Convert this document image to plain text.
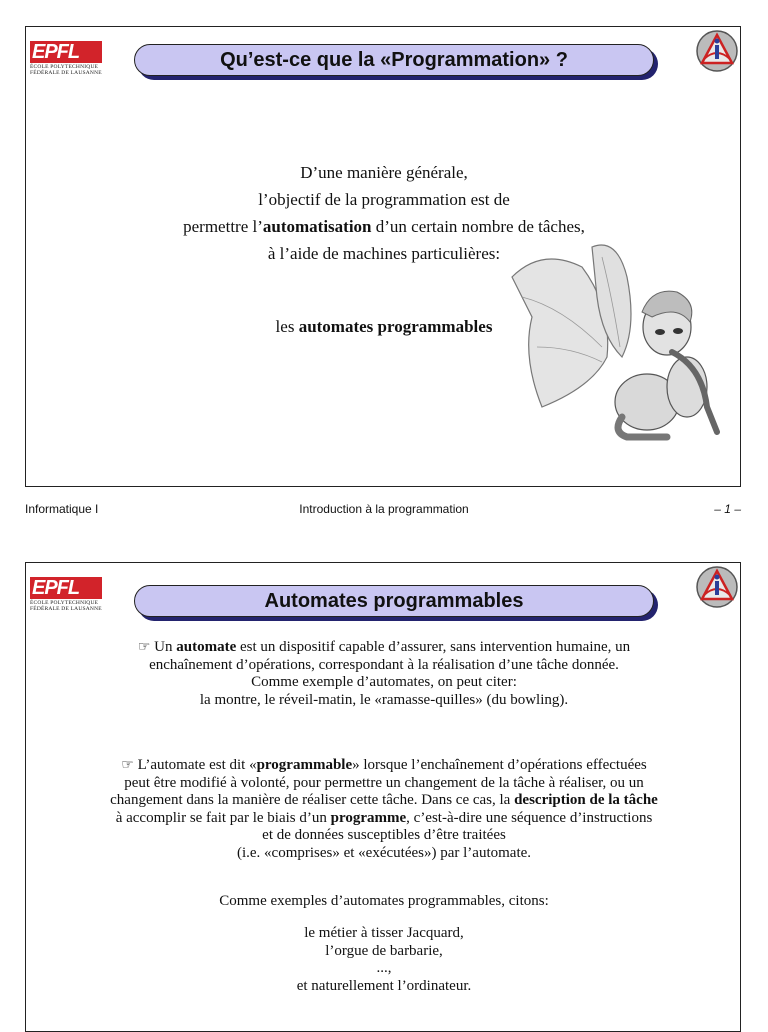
EPFL
ÉCOLE POLYTECHNIQUE
FÉDÉRALE DE LAUSANNE
Qu’est-ce que la «Programmation» ?
D’une manière générale,
l’objectif de la programmation est de
permettre l’automatisation d’un certain nombre de tâches,
à l’aide de machines particulières:
les automates programmables
Informatique I	Introduction à la programmation	– 1 –
EPFL
ÉCOLE POLYTECHNIQUE
FÉDÉRALE DE LAUSANNE	Automates programmables
☞ Un automate est un dispositif capable d’assurer, sans intervention humaine, un
enchaînement d’opérations, correspondant à la réalisation d’une tâche donnée.
Comme exemple d’automates, on peut citer:
la montre, le réveil-matin, le «ramasse-quilles» (du bowling).
☞ L’automate est dit «programmable» lorsque l’enchaînement d’opérations effectuées
peut être modifié à volonté, pour permettre un changement de la tâche à réaliser, ou un
changement dans la manière de réaliser cette tâche. Dans ce cas, la description de la tâche
à accomplir se fait par le biais d’un programme, c’est-à-dire une séquence d’instructions
et de données susceptibles d’être traitées
(i.e. «comprises» et «exécutées») par l’automate.
Comme exemples d’automates programmables, citons:
le métier à tisser Jacquard,
l’orgue de barbarie,
...,
et naturellement l’ordinateur.
